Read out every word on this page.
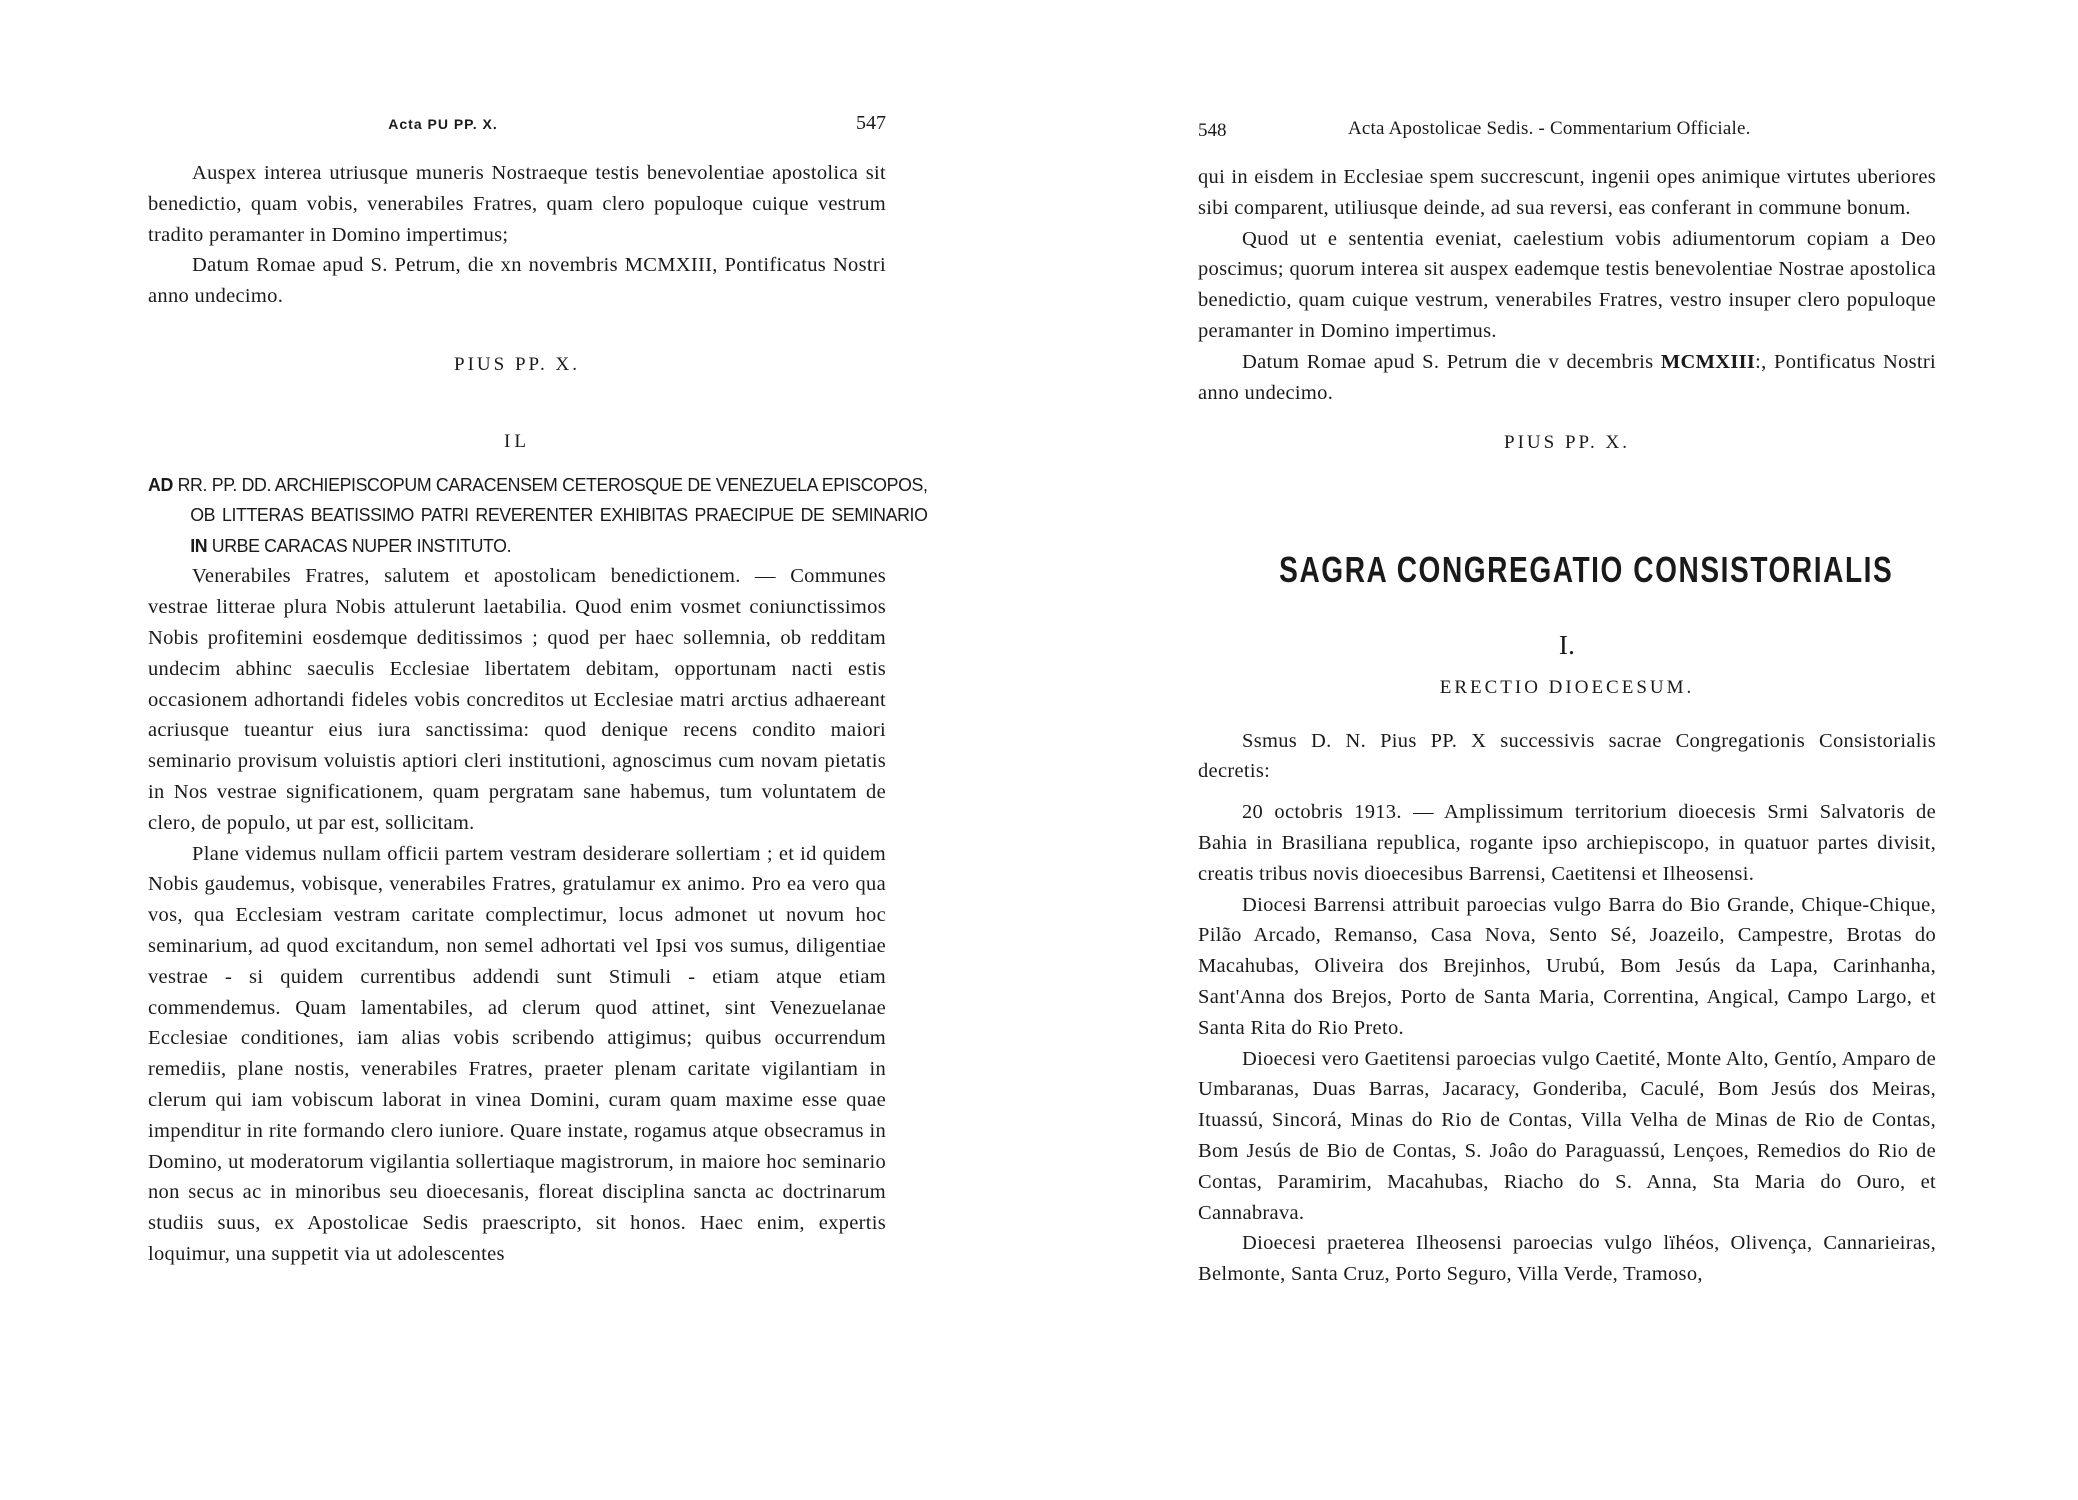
Acta PU PP. X.	547

Auspex interea utriusque muneris Nostraeque testis benevolentiae apostolica sit benedictio, quam vobis, venerabiles Fratres, quam clero populoque cuique vestrum tradito peramanter in Domino impertimus;

Datum Romae apud S. Petrum, die xn novembris MCMXIII, Pontificatus Nostri anno undecimo.

PIUS PP. X.
IL
AD RR. PP. DD. ARCHIEPISCOPUM CARACENSEM CETEROSQUE DE VENEZUELA EPISCOPOS, OB LITTERAS BEATISSIMO PATRI REVERENTER EXHIBITAS PRAECIPUE DE SEMINARIO IN URBE CARACAS NUPER INSTITUTO.

Venerabiles Fratres, salutem et apostolicam benedictionem. — Communes vestrae litterae plura Nobis attulerunt laetabilia. Quod enim vosmet coniunctissimos Nobis profitemini eosdemque deditissimos ; quod per haec sollemnia, ob redditam undecim abhinc saeculis Ecclesiae libertatem debitam, opportunam nacti estis occasionem adhortandi fideles vobis concreditos ut Ecclesiae matri arctius adhaereant acriusque tueantur eius iura sanctissima: quod denique recens condito maiori seminario provisum voluistis aptiori cleri institutioni, agnoscimus cum novam pietatis in Nos vestrae significationem, quam pergratam sane habemus, tum voluntatem de clero, de populo, ut par est, sollicitam.

Plane videmus nullam officii partem vestram desiderare sollertiam ; et id quidem Nobis gaudemus, vobisque, venerabiles Fratres, gratulamur ex animo. Pro ea vero qua vos, qua Ecclesiam vestram caritate complectimur, locus admonet ut novum hoc seminarium, ad quod excitandum, non semel adhortati vel Ipsi vos sumus, diligentiae vestrae - si quidem currentibus addendi sunt Stimuli - etiam atque etiam commendemus. Quam lamentabiles, ad clerum quod attinet, sint Venezuelanae Ecclesiae conditiones, iam alias vobis scribendo attigimus; quibus occurrendum remediis, plane nostis, venerabiles Fratres, praeter plenam caritate vigilantiam in clerum qui iam vobiscum laborat in vinea Domini, curam quam maxime esse quae impenditur in rite formando clero iuniore. Quare instate, rogamus atque obsecramus in Domino, ut moderatorum vigilantia sollertiaque magistrorum, in maiore hoc seminario non secus ac in minoribus seu dioecesanis, floreat disciplina sancta ac doctrinarum studiis suus, ex Apostolicae Sedis praescripto, sit honos. Haec enim, expertis loquimur, una suppetit via ut adolescentes

548	Acta Apostolicae Sedis. - Commentarium Officiale.

qui in eisdem in Ecclesiae spem succrescunt, ingenii opes animique virtutes uberiores sibi comparent, utiliusque deinde, ad sua reversi, eas conferant in commune bonum.

Quod ut e sententia eveniat, caelestium vobis adiumentorum copiam a Deo poscimus; quorum interea sit auspex eademque testis benevolentiae Nostrae apostolica benedictio, quam cuique vestrum, venerabiles Fratres, vestro insuper clero populoque peramanter in Domino impertimus.

Datum Romae apud S. Petrum die v decembris MCMXIII:, Pontificatus Nostri anno undecimo.

PIUS PP. X.
SAGRA CONGREGATIO CONSISTORIALIS
I.
ERECTIO DIOECESUM.

Ssmus D. N. Pius PP. X successivis sacrae Congregationis Consistorialis decretis:

20 octobris 1913. — Amplissimum territorium dioecesis Srmi Salvatoris de Bahia in Brasiliana republica, rogante ipso archiepiscopo, in quatuor partes divisit, creatis tribus novis dioecesibus Barrensi, Caetitensi et Ilheosensi.

Diocesi Barrensi attribuit paroecias vulgo Barra do Bio Grande, Chique-Chique, Pilão Arcado, Remanso, Casa Nova, Sento Sé, Joazeilo, Campestre, Brotas do Macahubas, Oliveira dos Brejinhos, Urubú, Bom Jesús da Lapa, Carinhanha, Sant'Anna dos Brejos, Porto de Santa Maria, Correntina, Angical, Campo Largo, et Santa Rita do Rio Preto.

Dioecesi vero Gaetitensi paroecias vulgo Caetité, Monte Alto, Gentío, Amparo de Umbaranas, Duas Barras, Jacaracy, Gonderiba, Caculé, Bom Jesús dos Meiras, Ituassú, Sincorá, Minas do Rio de Contas, Villa Velha de Minas de Rio de Contas, Bom Jesús de Bio de Contas, S. Joâo do Paraguassú, Lençoes, Remedios do Rio de Contas, Paramirim, Macahubas, Riacho do S. Anna, Sta Maria do Ouro, et Cannabrava.

Dioecesi praeterea Ilheosensi paroecias vulgo lïhéos, Olivença, Cannarieiras, Belmonte, Santa Cruz, Porto Seguro, Villa Verde, Tramoso,
